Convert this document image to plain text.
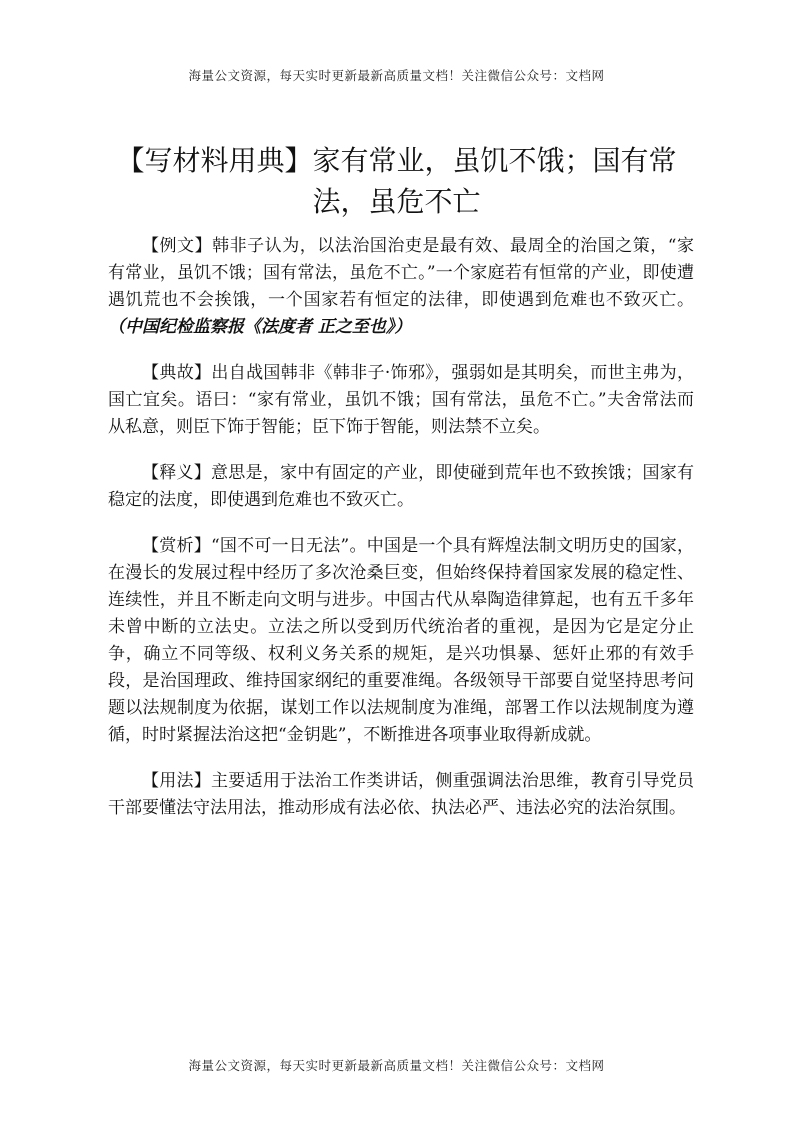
海量公文资源，每天实时更新最新高质量文档！关注微信公众号：文档网
【写材料用典】家有常业，虽饥不饿；国有常法，虽危不亡

【例文】韩非子认为，以法治国治吏是最有效、最周全的治国之策，“家有常业，虽饥不饿；国有常法，虽危不亡。”一个家庭若有恒常的产业，即使遭遇饥荒也不会挨饿，一个国家若有恒定的法律，即使遇到危难也不致灭亡。 （中国纪检监察报《法度者 正之至也》）

【典故】出自战国韩非《韩非子·饰邪》，强弱如是其明矣，而世主弗为，国亡宜矣。语曰：“家有常业，虽饥不饿；国有常法，虽危不亡。”夫舍常法而从私意，则臣下饰于智能；臣下饰于智能，则法禁不立矣。

【释义】意思是，家中有固定的产业，即使碰到荒年也不致挨饿；国家有稳定的法度，即使遇到危难也不致灭亡。

【赏析】“国不可一日无法”。中国是一个具有辉煌法制文明历史的国家，在漫长的发展过程中经历了多次沧桑巨变，但始终保持着国家发展的稳定性、连续性，并且不断走向文明与进步。中国古代从皋陶造律算起，也有五千多年未曾中断的立法史。立法之所以受到历代统治者的重视，是因为它是定分止争，确立不同等级、权利义务关系的规矩，是兴功惧暴、惩奸止邪的有效手段，是治国理政、维持国家纲纪的重要准绳。各级领导干部要自觉坚持思考问题以法规制度为依据，谋划工作以法规制度为准绳，部署工作以法规制度为遵循，时时紧握法治这把“金钥匙”，不断推进各项事业取得新成就。

【用法】主要适用于法治工作类讲话，侧重强调法治思维，教育引导党员干部要懂法守法用法，推动形成有法必依、执法必严、违法必究的法治氛围。

海量公文资源，每天实时更新最新高质量文档！关注微信公众号：文档网
